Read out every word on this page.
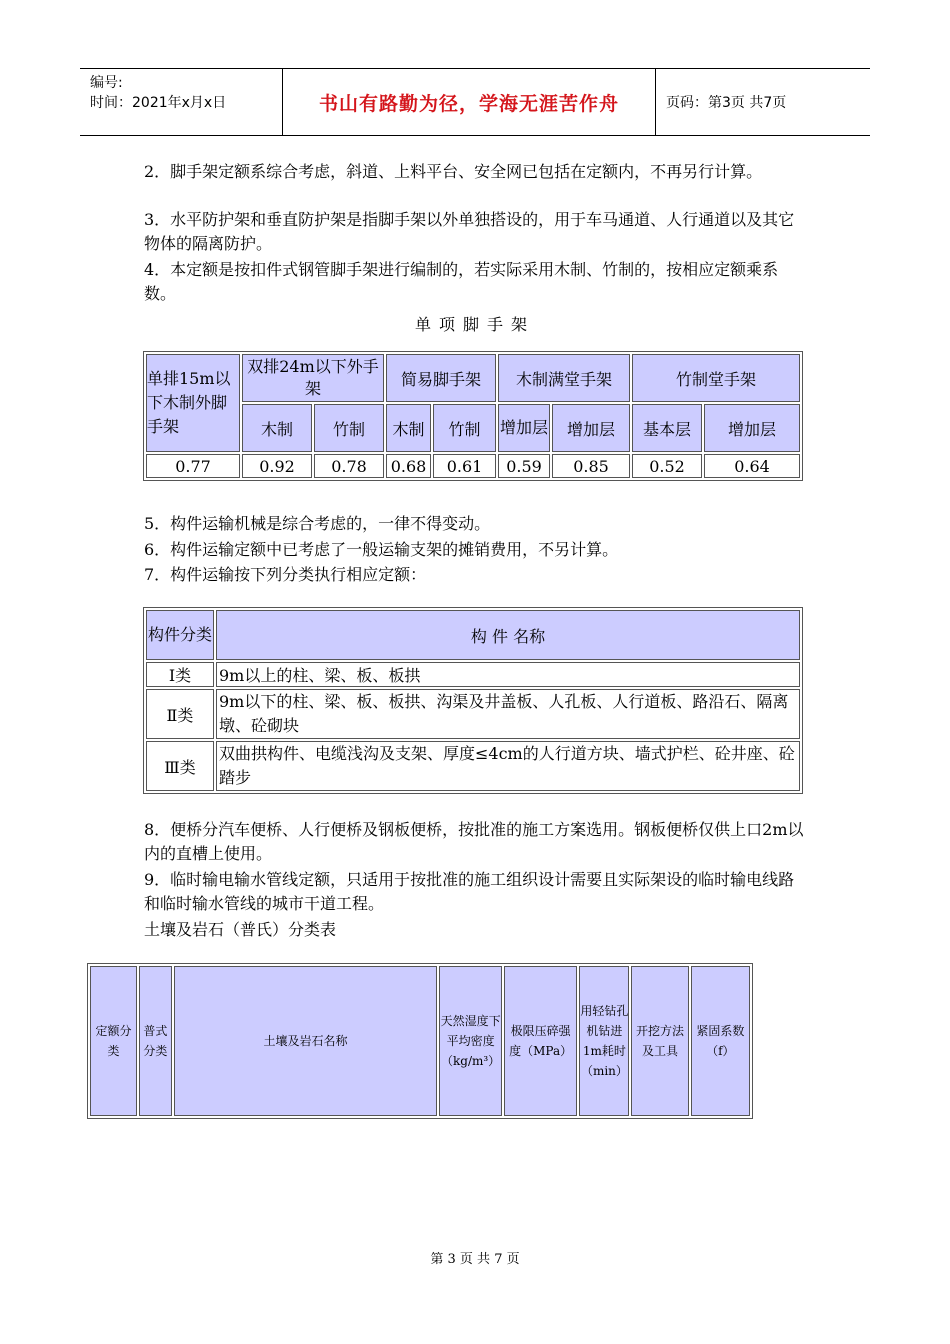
编号:
时间：2021年x月x日	书山有路勤为径，学海无涯苦作舟	页码：第3页 共7页

2．脚手架定额系综合考虑，斜道、上料平台、安全网已包括在定额内，不再另行计算。

3．水平防护架和垂直防护架是指脚手架以外单独搭设的，用于车马通道、人行通道以及其它物体的隔离防护。

4．本定额是按扣件式钢管脚手架进行编制的，若实际采用木制、竹制的，按相应定额乘系数。

单项脚手架
单排15m以下木制外脚手架	双排24m以下外手架		简易脚手架		木制满堂手架		竹制堂手架	
	木制	竹制	木制	竹制	增加层	增加层	基本层	增加层
0.77	0.92	0.78	0.68	0.61	0.59	0.85	0.52	0.64

5．构件运输机械是综合考虑的，一律不得变动。

6．构件运输定额中已考虑了一般运输支架的摊销费用，不另计算。

7．构件运输按下列分类执行相应定额：

构件分类	构 件 名称
Ⅰ类	9m以上的柱、梁、板、板拱
Ⅱ类	9m以下的柱、梁、板、板拱、沟渠及井盖板、人孔板、人行道板、路沿石、隔离墩、砼砌块
Ⅲ类	双曲拱构件、电缆浅沟及支架、厚度≤4cm的人行道方块、墙式护栏、砼井座、砼踏步

8．便桥分汽车便桥、人行便桥及钢板便桥，按批准的施工方案选用。钢板便桥仅供上口2m以内的直槽上使用。

9．临时输电输水管线定额，只适用于按批准的施工组织设计需要且实际架设的临时输电线路和临时输水管线的城市干道工程。

土壤及岩石（普氏）分类表

定额分类	普式分类	土壤及岩石名称	天然湿度下平均密度（kg/m³）	极限压碎强度（MPa）	用轻钻孔机钻进1m耗时（min）	开挖方法及工具	紧固系数（f）
第 3 页 共 7 页
